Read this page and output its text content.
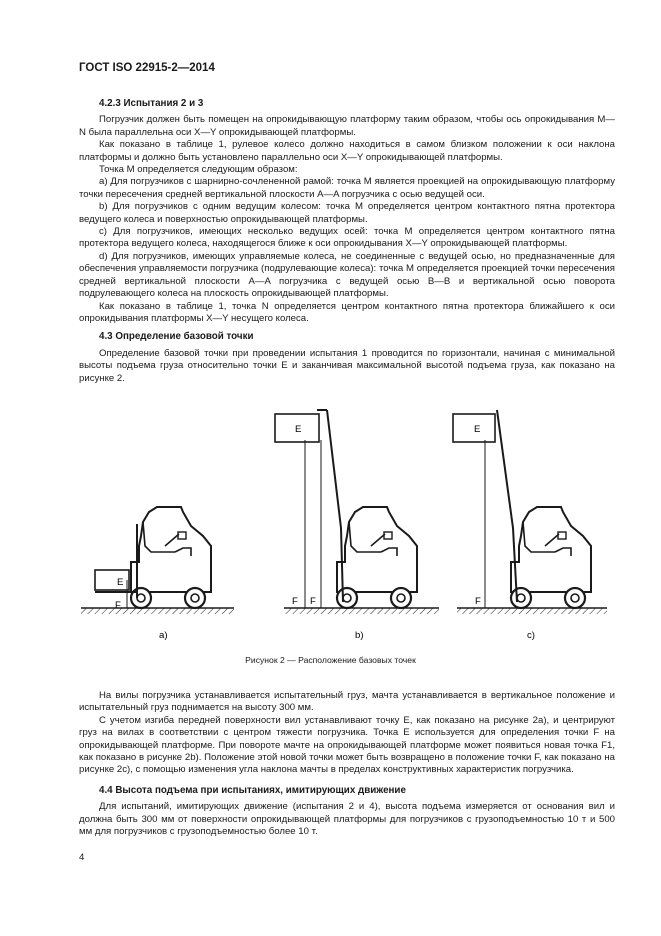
ГОСТ ISO 22915-2—2014
4.2.3 Испытания 2 и 3

Погрузчик должен быть помещен на опрокидывающую платформу таким образом, чтобы ось опрокидывания M—N была параллельна оси X—Y опрокидывающей платформы.

Как показано в таблице 1, рулевое колесо должно находиться в самом близком положении к оси наклона платформы и должно быть установлено параллельно оси X—Y опрокидывающей платформы.

Точка M определяется следующим образом:

a) Для погрузчиков с шарнирно-сочлененной рамой: точка M является проекцией на опрокидывающую платформу точки пересечения средней вертикальной плоскости A—A погрузчика с осью ведущей оси.

b) Для погрузчиков с одним ведущим колесом: точка M определяется центром контактного пятна протектора ведущего колеса и поверхностью опрокидывающей платформы.

c) Для погрузчиков, имеющих несколько ведущих осей: точка M определяется центром контактного пятна протектора ведущего колеса, находящегося ближе к оси опрокидывания X—Y опрокидывающей платформы.

d) Для погрузчиков, имеющих управляемые колеса, не соединенные с ведущей осью, но предназначенные для обеспечения управляемости погрузчика (подрулевающие колеса): точка M определяется проекцией точки пересечения средней вертикальной плоскости A—A погрузчика с ведущей осью B—B и вертикальной осью поворота подрулевающего колеса на плоскость опрокидывающей платформы.

Как показано в таблице 1, точка N определяется центром контактного пятна протектора ближайшего к оси опрокидывания платформы X—Y несущего колеса.

4.3 Определение базовой точки

Определение базовой точки при проведении испытания 1 проводится по горизонтали, начиная с минимальной высоты подъема груза относительно точки E и заканчивая максимальной высотой подъема груза, как показано на рисунке 2.

E
F
E
F F
E
F
a)	b)	c)
Рисунок 2 — Расположение базовых точек

На вилы погрузчика устанавливается испытательный груз, мачта устанавливается в вертикальное положение и испытательный груз поднимается на высоту 300 мм.

С учетом изгиба передней поверхности вил устанавливают точку E, как показано на рисунке 2a), и центрируют груз на вилах в соответствии с центром тяжести погрузчика. Точка E используется для определения точки F на опрокидывающей платформе. При повороте мачте на опрокидывающей платформе может появиться новая точка F1, как показано в рисунке 2b). Положение этой новой точки может быть возвращено в положение точки F, как показано на рисунке 2c), с помощью изменения угла наклона мачты в пределах конструктивных характеристик погрузчика.

4.4 Высота подъема при испытаниях, имитирующих движение

Для испытаний, имитирующих движение (испытания 2 и 4), высота подъема измеряется от основания вил и должна быть 300 мм от поверхности опрокидывающей платформы для погрузчиков с грузоподъемностью 10 т и 500 мм для погрузчиков с грузоподъемностью более 10 т.

4
